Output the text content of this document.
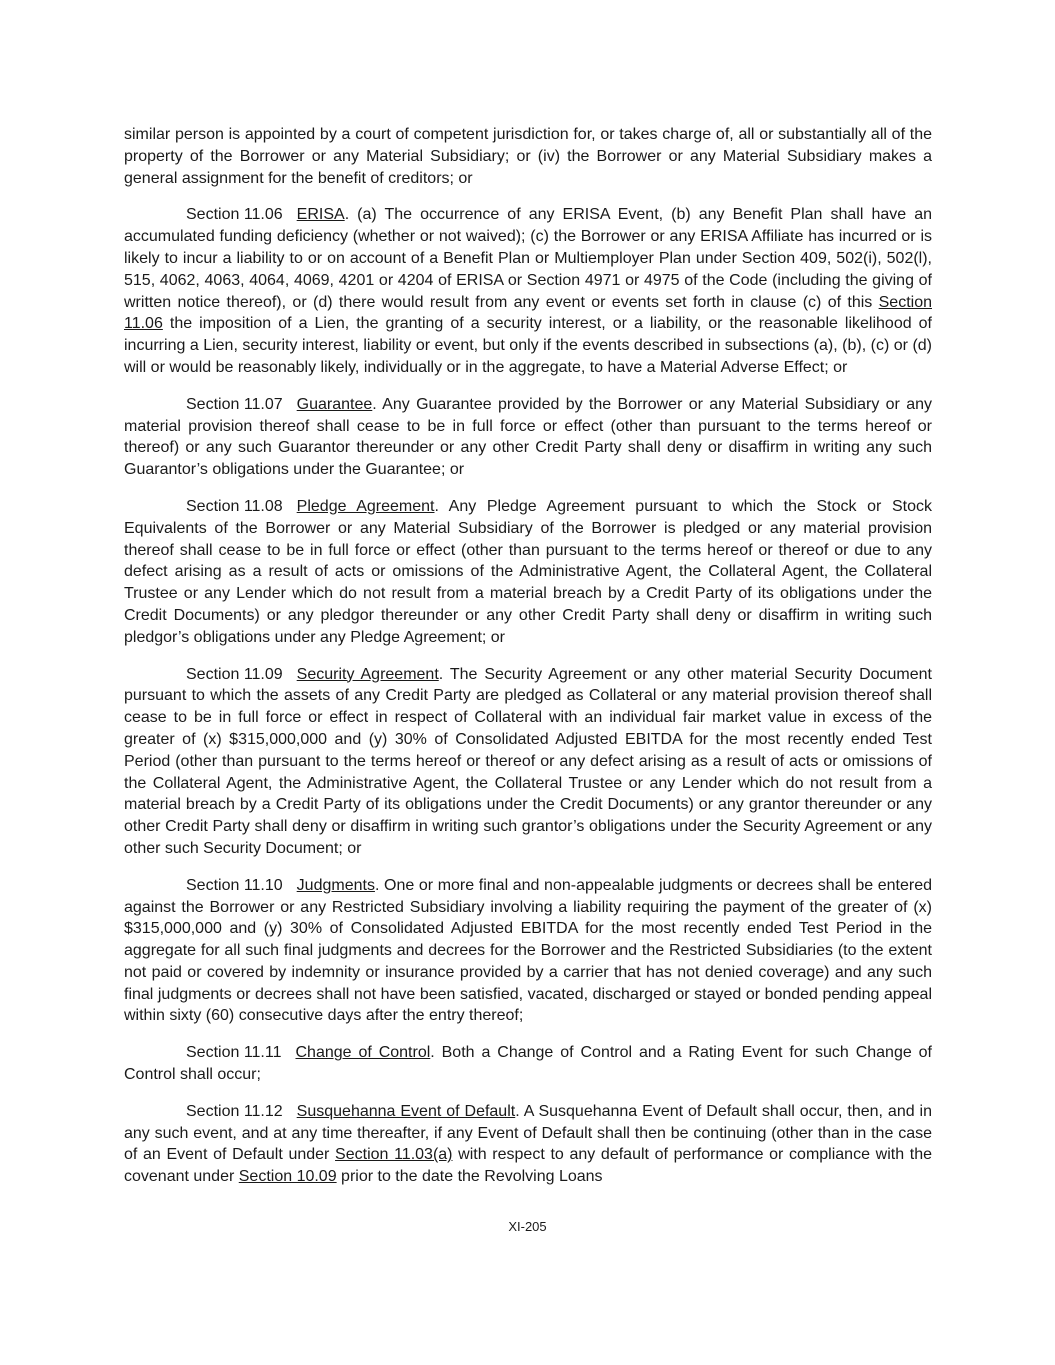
similar person is appointed by a court of competent jurisdiction for, or takes charge of, all or substantially all of the property of the Borrower or any Material Subsidiary; or (iv) the Borrower or any Material Subsidiary makes a general assignment for the benefit of creditors; or

Section 11.06 ERISA. (a) The occurrence of any ERISA Event, (b) any Benefit Plan shall have an accumulated funding deficiency (whether or not waived); (c) the Borrower or any ERISA Affiliate has incurred or is likely to incur a liability to or on account of a Benefit Plan or Multiemployer Plan under Section 409, 502(i), 502(l), 515, 4062, 4063, 4064, 4069, 4201 or 4204 of ERISA or Section 4971 or 4975 of the Code (including the giving of written notice thereof), or (d) there would result from any event or events set forth in clause (c) of this Section 11.06 the imposition of a Lien, the granting of a security interest, or a liability, or the reasonable likelihood of incurring a Lien, security interest, liability or event, but only if the events described in subsections (a), (b), (c) or (d) will or would be reasonably likely, individually or in the aggregate, to have a Material Adverse Effect; or

Section 11.07 Guarantee. Any Guarantee provided by the Borrower or any Material Subsidiary or any material provision thereof shall cease to be in full force or effect (other than pursuant to the terms hereof or thereof) or any such Guarantor thereunder or any other Credit Party shall deny or disaffirm in writing any such Guarantor’s obligations under the Guarantee; or

Section 11.08 Pledge Agreement. Any Pledge Agreement pursuant to which the Stock or Stock Equivalents of the Borrower or any Material Subsidiary of the Borrower is pledged or any material provision thereof shall cease to be in full force or effect (other than pursuant to the terms hereof or thereof or due to any defect arising as a result of acts or omissions of the Administrative Agent, the Collateral Agent, the Collateral Trustee or any Lender which do not result from a material breach by a Credit Party of its obligations under the Credit Documents) or any pledgor thereunder or any other Credit Party shall deny or disaffirm in writing such pledgor’s obligations under any Pledge Agreement; or

Section 11.09 Security Agreement. The Security Agreement or any other material Security Document pursuant to which the assets of any Credit Party are pledged as Collateral or any material provision thereof shall cease to be in full force or effect in respect of Collateral with an individual fair market value in excess of the greater of (x) $315,000,000 and (y) 30% of Consolidated Adjusted EBITDA for the most recently ended Test Period (other than pursuant to the terms hereof or thereof or any defect arising as a result of acts or omissions of the Collateral Agent, the Administrative Agent, the Collateral Trustee or any Lender which do not result from a material breach by a Credit Party of its obligations under the Credit Documents) or any grantor thereunder or any other Credit Party shall deny or disaffirm in writing such grantor’s obligations under the Security Agreement or any other such Security Document; or

Section 11.10 Judgments. One or more final and non-appealable judgments or decrees shall be entered against the Borrower or any Restricted Subsidiary involving a liability requiring the payment of the greater of (x) $315,000,000 and (y) 30% of Consolidated Adjusted EBITDA for the most recently ended Test Period in the aggregate for all such final judgments and decrees for the Borrower and the Restricted Subsidiaries (to the extent not paid or covered by indemnity or insurance provided by a carrier that has not denied coverage) and any such final judgments or decrees shall not have been satisfied, vacated, discharged or stayed or bonded pending appeal within sixty (60) consecutive days after the entry thereof;

Section 11.11 Change of Control. Both a Change of Control and a Rating Event for such Change of Control shall occur;

Section 11.12 Susquehanna Event of Default. A Susquehanna Event of Default shall occur, then, and in any such event, and at any time thereafter, if any Event of Default shall then be continuing (other than in the case of an Event of Default under Section 11.03(a) with respect to any default of performance or compliance with the covenant under Section 10.09 prior to the date the Revolving Loans

XI-205
